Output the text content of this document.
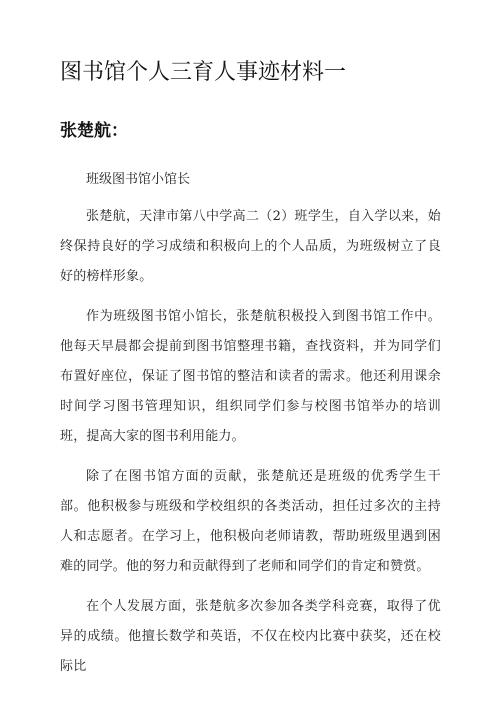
图书馆个人三育人事迹材料一
张楚航：

班级图书馆小馆长

张楚航，天津市第八中学高二（2）班学生，自入学以来，始终保持良好的学习成绩和积极向上的个人品质，为班级树立了良好的榜样形象。

作为班级图书馆小馆长，张楚航积极投入到图书馆工作中。他每天早晨都会提前到图书馆整理书籍，查找资料，并为同学们布置好座位，保证了图书馆的整洁和读者的需求。他还利用课余时间学习图书管理知识，组织同学们参与校图书馆举办的培训班，提高大家的图书利用能力。

除了在图书馆方面的贡献，张楚航还是班级的优秀学生干部。他积极参与班级和学校组织的各类活动，担任过多次的主持人和志愿者。在学习上，他积极向老师请教，帮助班级里遇到困难的同学。他的努力和贡献得到了老师和同学们的肯定和赞赏。

在个人发展方面，张楚航多次参加各类学科竞赛，取得了优异的成绩。他擅长数学和英语，不仅在校内比赛中获奖，还在校际比
